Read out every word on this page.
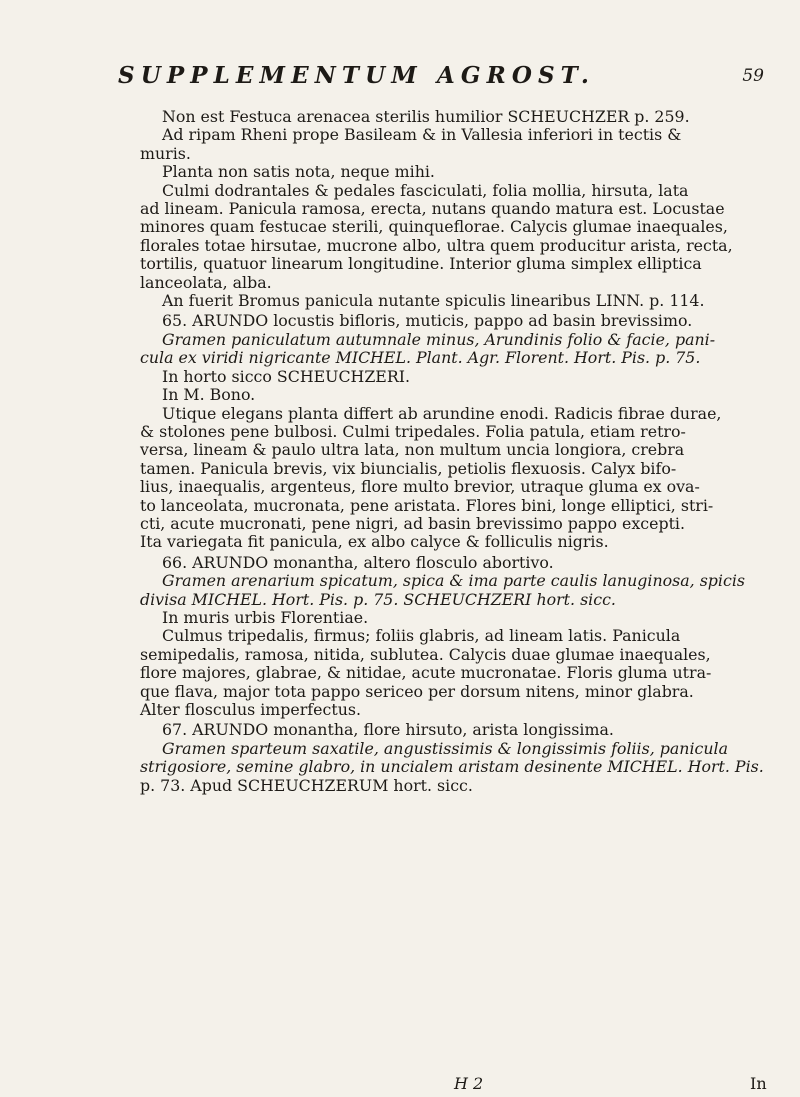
SUPPLEMENTUM AGROST.	59
Non est Festuca arenacea sterilis humilior SCHEUCHZER p. 259.
Ad ripam Rheni prope Basileam & in Vallesia inferiori in tectis &
muris.
Planta non satis nota, neque mihi.
Culmi dodrantales & pedales fasciculati, folia mollia, hirsuta, lata
ad lineam. Panicula ramosa, erecta, nutans quando matura est. Locustae
minores quam festucae sterili, quinqueflorae. Calycis glumae inaequales,
florales totae hirsutae, mucrone albo, ultra quem producitur arista, recta,
tortilis, quatuor linearum longitudine. Interior gluma simplex elliptica
lanceolata, alba.
An fuerit Bromus panicula nutante spiculis linearibus LINN. p. 114.
65. ARUNDO locustis bifloris, muticis, pappo ad basin brevissimo.
Gramen paniculatum autumnale minus, Arundinis folio & facie, pani-
cula ex viridi nigricante MICHEL. Plant. Agr. Florent. Hort. Pis. p. 75.
In horto sicco SCHEUCHZERI.
In M. Bono.
Utique elegans planta differt ab arundine enodi. Radicis fibrae durae,
& stolones pene bulbosi. Culmi tripedales. Folia patula, etiam retro-
versa, lineam & paulo ultra lata, non multum uncia longiora, crebra
tamen. Panicula brevis, vix biuncialis, petiolis flexuosis. Calyx bifo-
lius, inaequalis, argenteus, flore multo brevior, utraque gluma ex ova-
to lanceolata, mucronata, pene aristata. Flores bini, longe elliptici, stri-
cti, acute mucronati, pene nigri, ad basin brevissimo pappo excepti.
Ita variegata fit panicula, ex albo calyce & folliculis nigris.
66. ARUNDO monantha, altero flosculo abortivo.
Gramen arenarium spicatum, spica & ima parte caulis lanuginosa, spicis
divisa MICHEL. Hort. Pis. p. 75. SCHEUCHZERI hort. sicc.
In muris urbis Florentiae.
Culmus tripedalis, firmus; foliis glabris, ad lineam latis. Panicula
semipedalis, ramosa, nitida, sublutea. Calycis duae glumae inaequales,
flore majores, glabrae, & nitidae, acute mucronatae. Floris gluma utra-
que flava, major tota pappo sericeo per dorsum nitens, minor glabra.
Alter flosculus imperfectus.
67. ARUNDO monantha, flore hirsuto, arista longissima.
Gramen sparteum saxatile, angustissimis & longissimis foliis, panicula
strigosiore, semine glabro, in uncialem aristam desinente MICHEL. Hort. Pis.
p. 73. Apud SCHEUCHZERUM hort. sicc.
H 2	In
